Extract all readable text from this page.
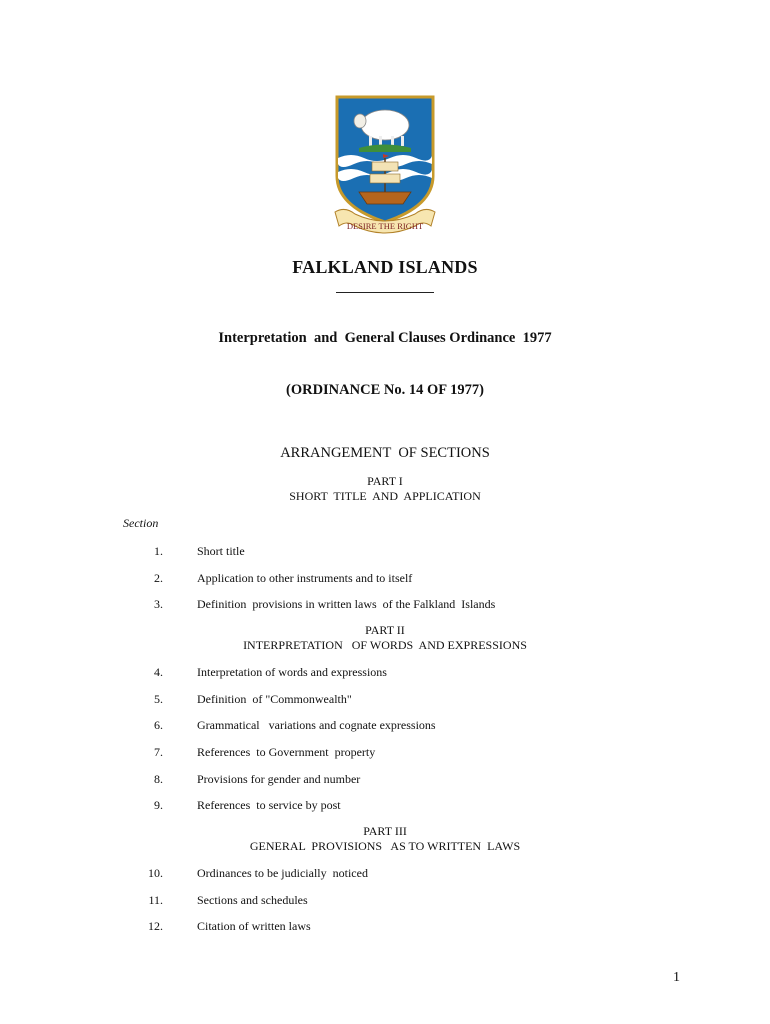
DESIRE THE RIGHT
FALKLAND ISLANDS
Interpretation  and  General Clauses Ordinance  1977
(ORDINANCE No. 14 OF 1977)
ARRANGEMENT  OF SECTIONS
PART I
SHORT  TITLE  AND  APPLICATION
Section
1.	Short title
2.	Application to other instruments and to itself
3.	Definition  provisions in written laws  of the Falkland  Islands
PART II
INTERPRETATION   OF WORDS  AND EXPRESSIONS
4.	Interpretation of words and expressions
5.	Definition  of "Commonwealth"
6.	Grammatical   variations and cognate expressions
7.	References  to Government  property
8.	Provisions for gender and number
9.	References  to service by post
PART III
GENERAL  PROVISIONS   AS TO WRITTEN  LAWS
10.	Ordinances to be judicially  noticed
11.	Sections and schedules
12.	Citation of written laws
1
